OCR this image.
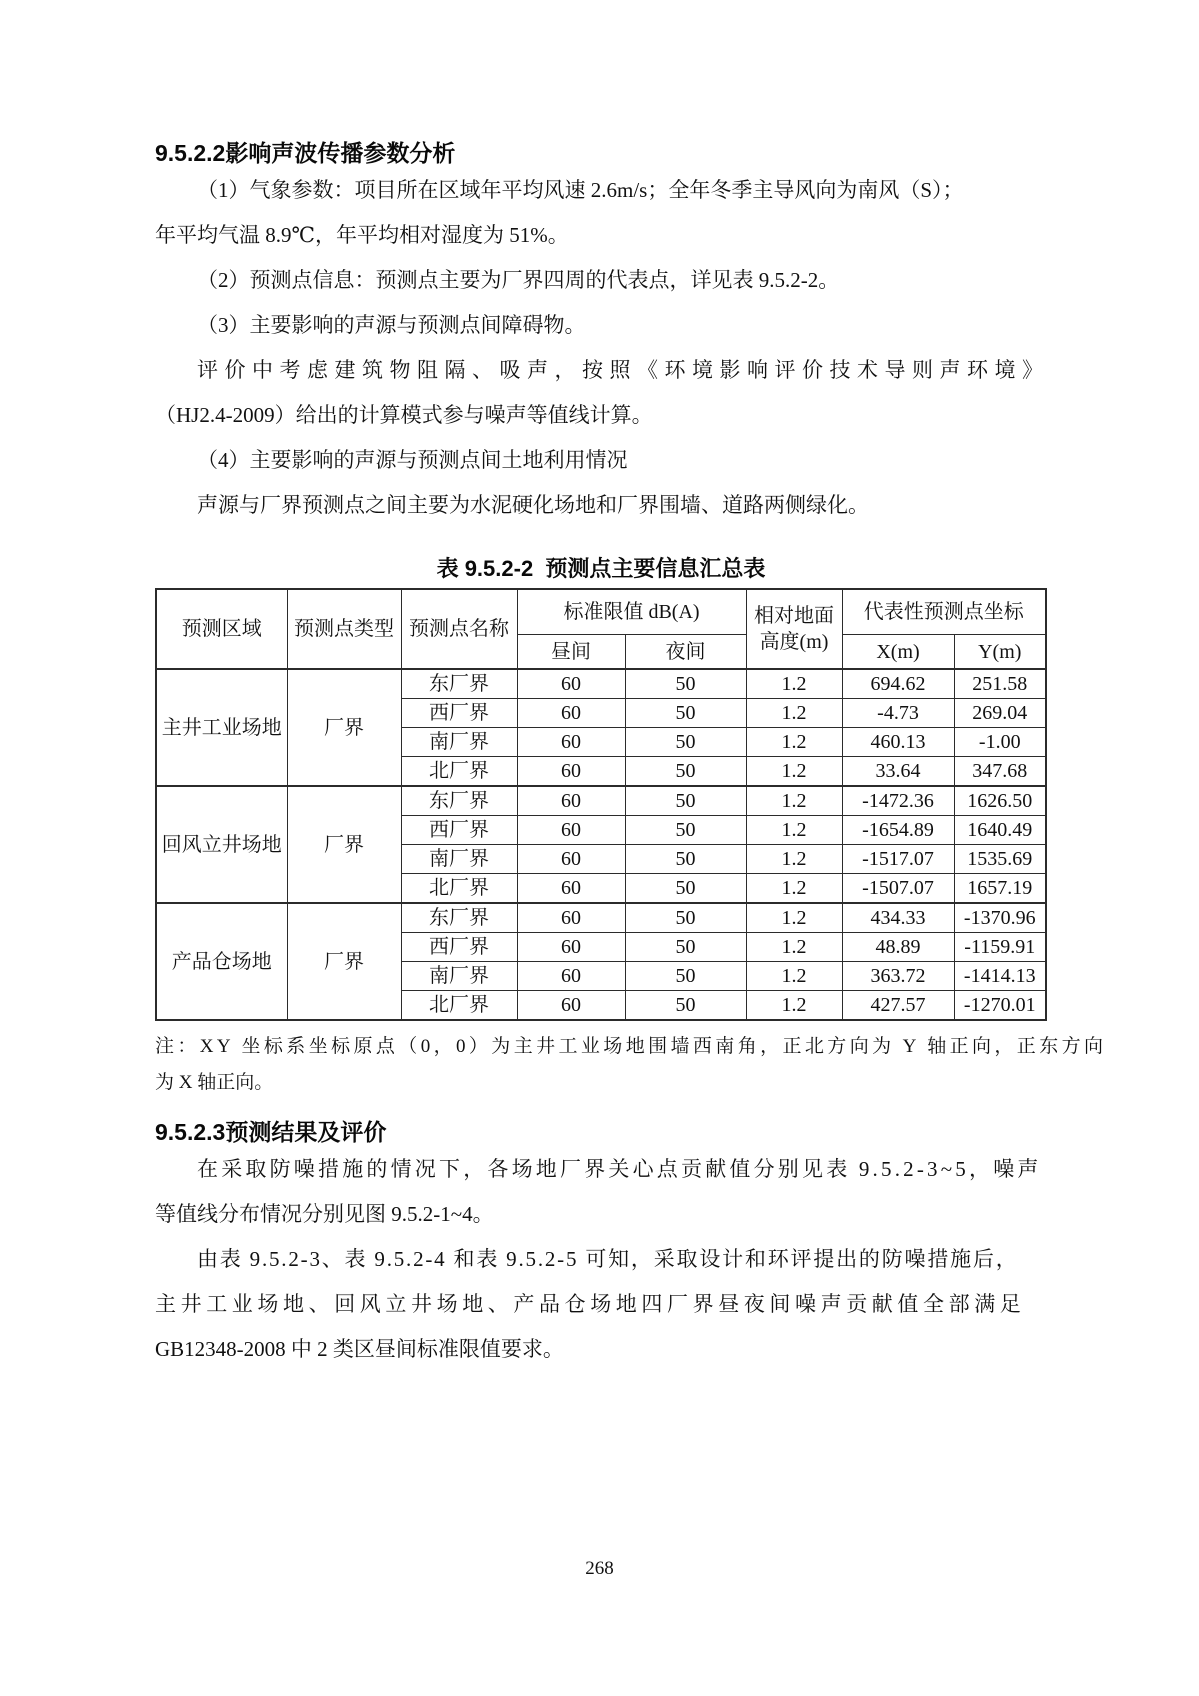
9.5.2.2影响声波传播参数分析
（1）气象参数：项目所在区域年平均风速 2.6m/s；全年冬季主导风向为南风（S）；
年平均气温 8.9℃，年平均相对湿度为 51%。
（2）预测点信息：预测点主要为厂界四周的代表点，详见表 9.5.2-2。
（3）主要影响的声源与预测点间障碍物。
评价中考虑建筑物阻隔、吸声，按照《环境影响评价技术导则声环境》
（HJ2.4-2009）给出的计算模式参与噪声等值线计算。
（4）主要影响的声源与预测点间土地利用情况
声源与厂界预测点之间主要为水泥硬化场地和厂界围墙、道路两侧绿化。
表 9.5.2-2  预测点主要信息汇总表
预测区域	预测点类型	预测点名称	标准限值 dB(A)		相对地面高度(m)	代表性预测点坐标	
			昼间	夜间		X(m)	Y(m)
主井工业场地	厂界	东厂界	60	50	1.2	694.62	251.58
		西厂界	60	50	1.2	-4.73	269.04
		南厂界	60	50	1.2	460.13	-1.00
		北厂界	60	50	1.2	33.64	347.68
回风立井场地	厂界	东厂界	60	50	1.2	-1472.36	1626.50
		西厂界	60	50	1.2	-1654.89	1640.49
		南厂界	60	50	1.2	-1517.07	1535.69
		北厂界	60	50	1.2	-1507.07	1657.19
产品仓场地	厂界	东厂界	60	50	1.2	434.33	-1370.96
		西厂界	60	50	1.2	48.89	-1159.91
		南厂界	60	50	1.2	363.72	-1414.13
		北厂界	60	50	1.2	427.57	-1270.01
注：XY 坐标系坐标原点（0，0）为主井工业场地围墙西南角，正北方向为 Y 轴正向，正东方向
为 X 轴正向。
9.5.2.3预测结果及评价
在采取防噪措施的情况下，各场地厂界关心点贡献值分别见表 9.5.2-3~5，噪声
等值线分布情况分别见图 9.5.2-1~4。
由表 9.5.2-3、表 9.5.2-4 和表 9.5.2-5 可知，采取设计和环评提出的防噪措施后，
主井工业场地、回风立井场地、产品仓场地四厂界昼夜间噪声贡献值全部满足
GB12348-2008 中 2 类区昼间标准限值要求。
268
